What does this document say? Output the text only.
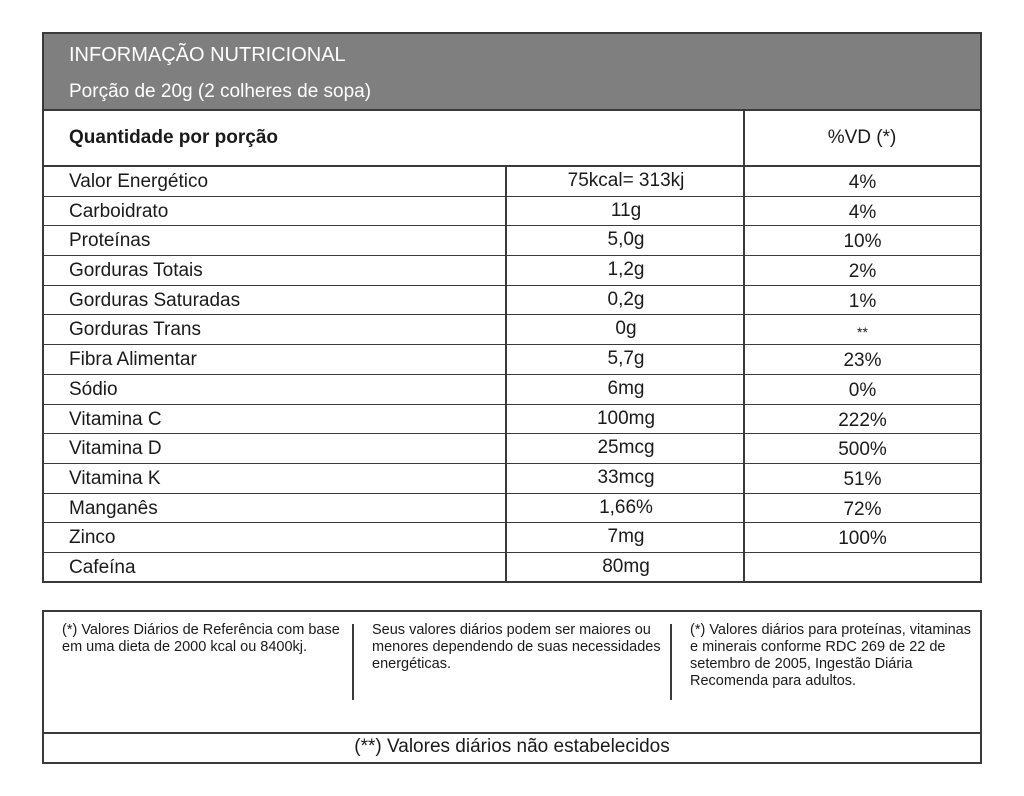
INFORMAÇÃO NUTRICIONAL
Porção de 20g (2 colheres de sopa)
Quantidade por porção	%VD (*)
Valor Energético	75kcal= 313kj	4%
Carboidrato	11g	4%
Proteínas	5,0g	10%
Gorduras Totais	1,2g	2%
Gorduras Saturadas	0,2g	1%
Gorduras Trans	0g	**
Fibra Alimentar	5,7g	23%
Sódio	6mg	0%
Vitamina C	100mg	222%
Vitamina D	25mcg	500%
Vitamina K	33mcg	51%
Manganês	1,66%	72%
Zinco	7mg	100%
Cafeína	80mg
(*) Valores Diários de Referência com base em uma dieta de 2000 kcal ou 8400kj.
Seus valores diários podem ser maiores ou menores dependendo de suas necessidades energéticas.
(*) Valores diários para proteínas, vitaminas e minerais conforme RDC 269 de 22 de setembro de 2005, Ingestão Diária Recomenda para adultos.
(**) Valores diários não estabelecidos
